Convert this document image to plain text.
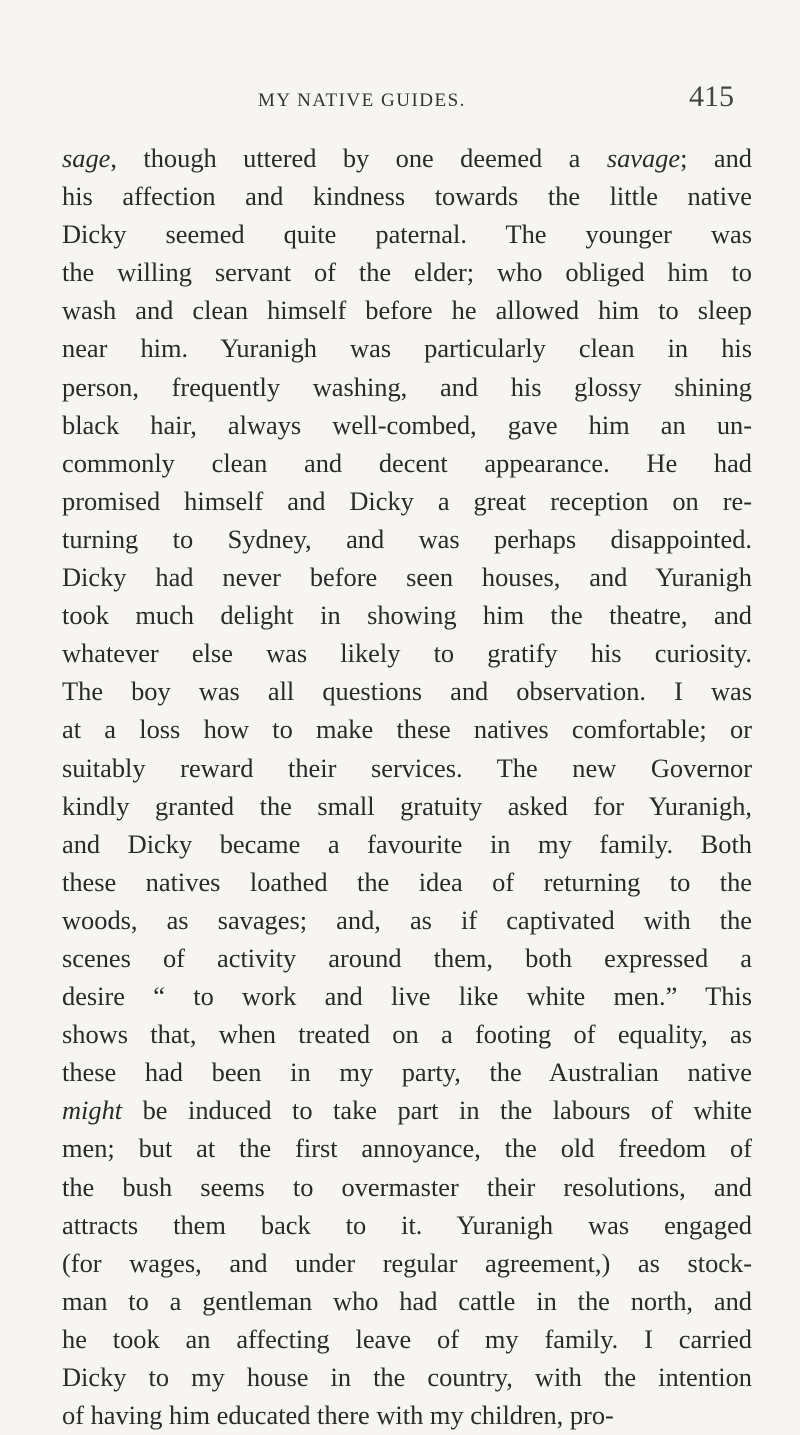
MY NATIVE GUIDES.	415
sage, though uttered by one deemed a savage; and
his affection and kindness towards the little native
Dicky seemed quite paternal. The younger was
the willing servant of the elder; who obliged him to
wash and clean himself before he allowed him to sleep
near him. Yuranigh was particularly clean in his
person, frequently washing, and his glossy shining
black hair, always well-combed, gave him an un-
commonly clean and decent appearance. He had
promised himself and Dicky a great reception on re-
turning to Sydney, and was perhaps disappointed.
Dicky had never before seen houses, and Yuranigh
took much delight in showing him the theatre, and
whatever else was likely to gratify his curiosity.
The boy was all questions and observation. I was
at a loss how to make these natives comfortable; or
suitably reward their services. The new Governor
kindly granted the small gratuity asked for Yuranigh,
and Dicky became a favourite in my family. Both
these natives loathed the idea of returning to the
woods, as savages; and, as if captivated with the
scenes of activity around them, both expressed a
desire “ to work and live like white men.” This
shows that, when treated on a footing of equality, as
these had been in my party, the Australian native
might be induced to take part in the labours of white
men; but at the first annoyance, the old freedom of
the bush seems to overmaster their resolutions, and
attracts them back to it. Yuranigh was engaged
(for wages, and under regular agreement,) as stock-
man to a gentleman who had cattle in the north, and
he took an affecting leave of my family. I carried
Dicky to my house in the country, with the intention
of having him educated there with my children, pro-
